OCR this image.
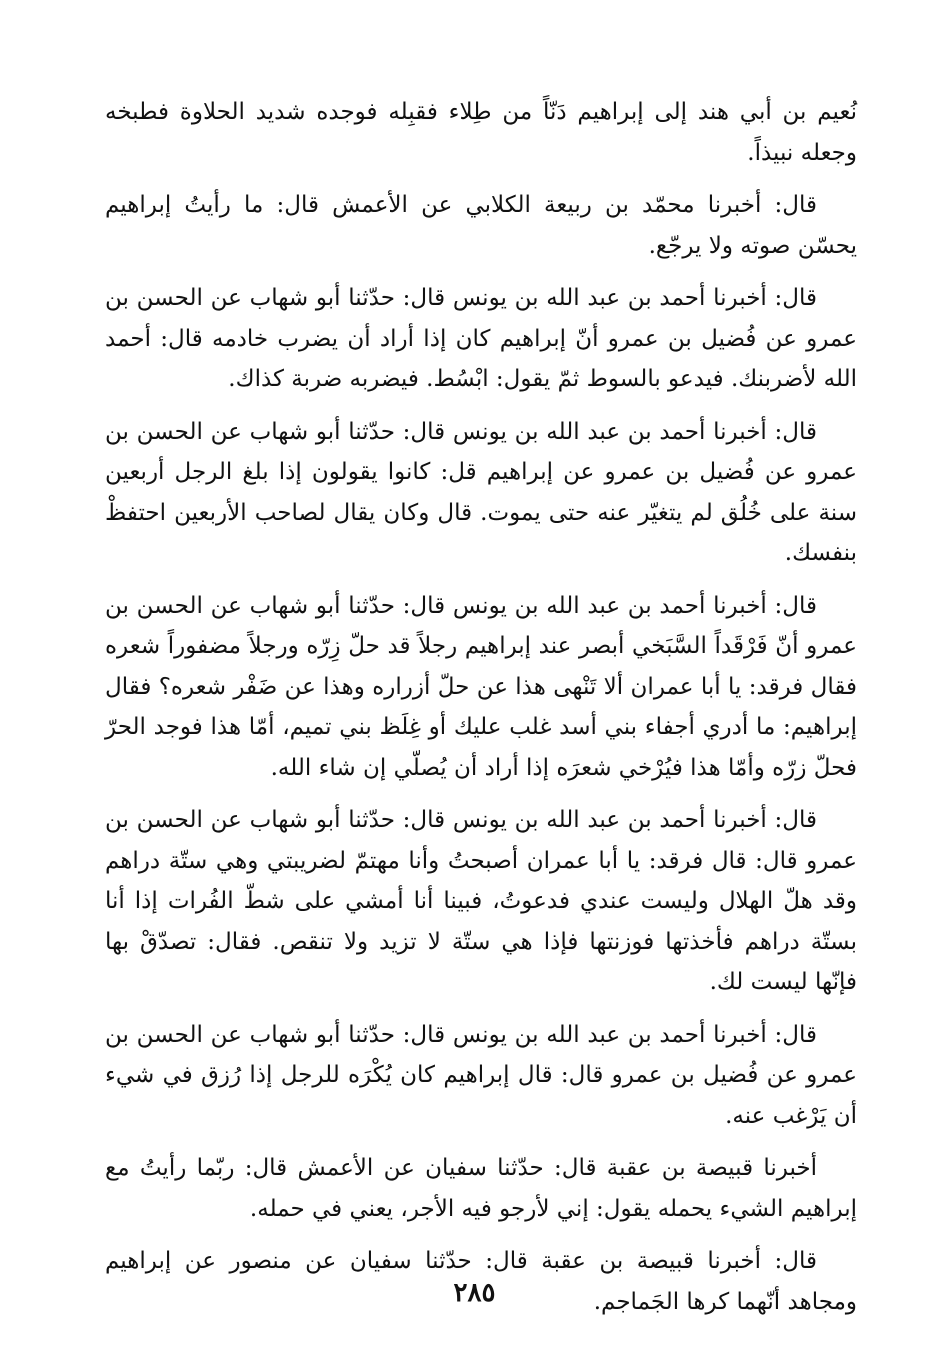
نُعيم بن أبي هند إلى إبراهيم دَنّاً من طِلاء فقبِله فوجده شديد الحلاوة فطبخه وجعله نبيذاً.

قال: أخبرنا محمّد بن ربيعة الكلابي عن الأعمش قال: ما رأيتُ إبراهيم يحسّن صوته ولا يرجّع.

قال: أخبرنا أحمد بن عبد الله بن يونس قال: حدّثنا أبو شهاب عن الحسن بن عمرو عن فُضيل بن عمرو أنّ إبراهيم كان إذا أراد أن يضرب خادمه قال: أحمد الله لأضربنك. فيدعو بالسوط ثمّ يقول: ابْسُط. فيضربه ضربة كذاك.

قال: أخبرنا أحمد بن عبد الله بن يونس قال: حدّثنا أبو شهاب عن الحسن بن عمرو عن فُضيل بن عمرو عن إبراهيم قل: كانوا يقولون إذا بلغ الرجل أربعين سنة على خُلُق لم يتغيّر عنه حتى يموت. قال وكان يقال لصاحب الأربعين احتفظْ بنفسك.

قال: أخبرنا أحمد بن عبد الله بن يونس قال: حدّثنا أبو شهاب عن الحسن بن عمرو أنّ فَرْقَداً السَّبَخي أبصر عند إبراهيم رجلاً قد حلّ زِرّه ورجلاً مضفوراً شعره فقال فرقد: يا أبا عمران ألا تَنْهى هذا عن حلّ أزراره وهذا عن ضَفْر شعره؟ فقال إبراهيم: ما أدري أجفاء بني أسد غلب عليك أو غِلَظ بني تميم، أمّا هذا فوجد الحرّ فحلّ زرّه وأمّا هذا فيُرْخي شعرَه إذا أراد أن يُصلّي إن شاء الله.

قال: أخبرنا أحمد بن عبد الله بن يونس قال: حدّثنا أبو شهاب عن الحسن بن عمرو قال: قال فرقد: يا أبا عمران أصبحتُ وأنا مهتمّ لضريبتي وهي ستّة دراهم وقد هلّ الهلال وليست عندي فدعوتُ، فبينا أنا أمشي على شطّ الفُرات إذا أنا بستّة دراهم فأخذتها فوزنتها فإذا هي ستّة لا تزيد ولا تنقص. فقال: تصدّقْ بها فإنّها ليست لك.

قال: أخبرنا أحمد بن عبد الله بن يونس قال: حدّثنا أبو شهاب عن الحسن بن عمرو عن فُضيل بن عمرو قال: قال إبراهيم كان يُكْرَه للرجل إذا رُزق في شيء أن يَرْغب عنه.

أخبرنا قبيصة بن عقبة قال: حدّثنا سفيان عن الأعمش قال: ربّما رأيتُ مع إبراهيم الشيء يحمله يقول: إني لأرجو فيه الأجر، يعني في حمله.

قال: أخبرنا قبيصة بن عقبة قال: حدّثنا سفيان عن منصور عن إبراهيم ومجاهد أنّهما كرها الجَماجم.

٢٨٥
